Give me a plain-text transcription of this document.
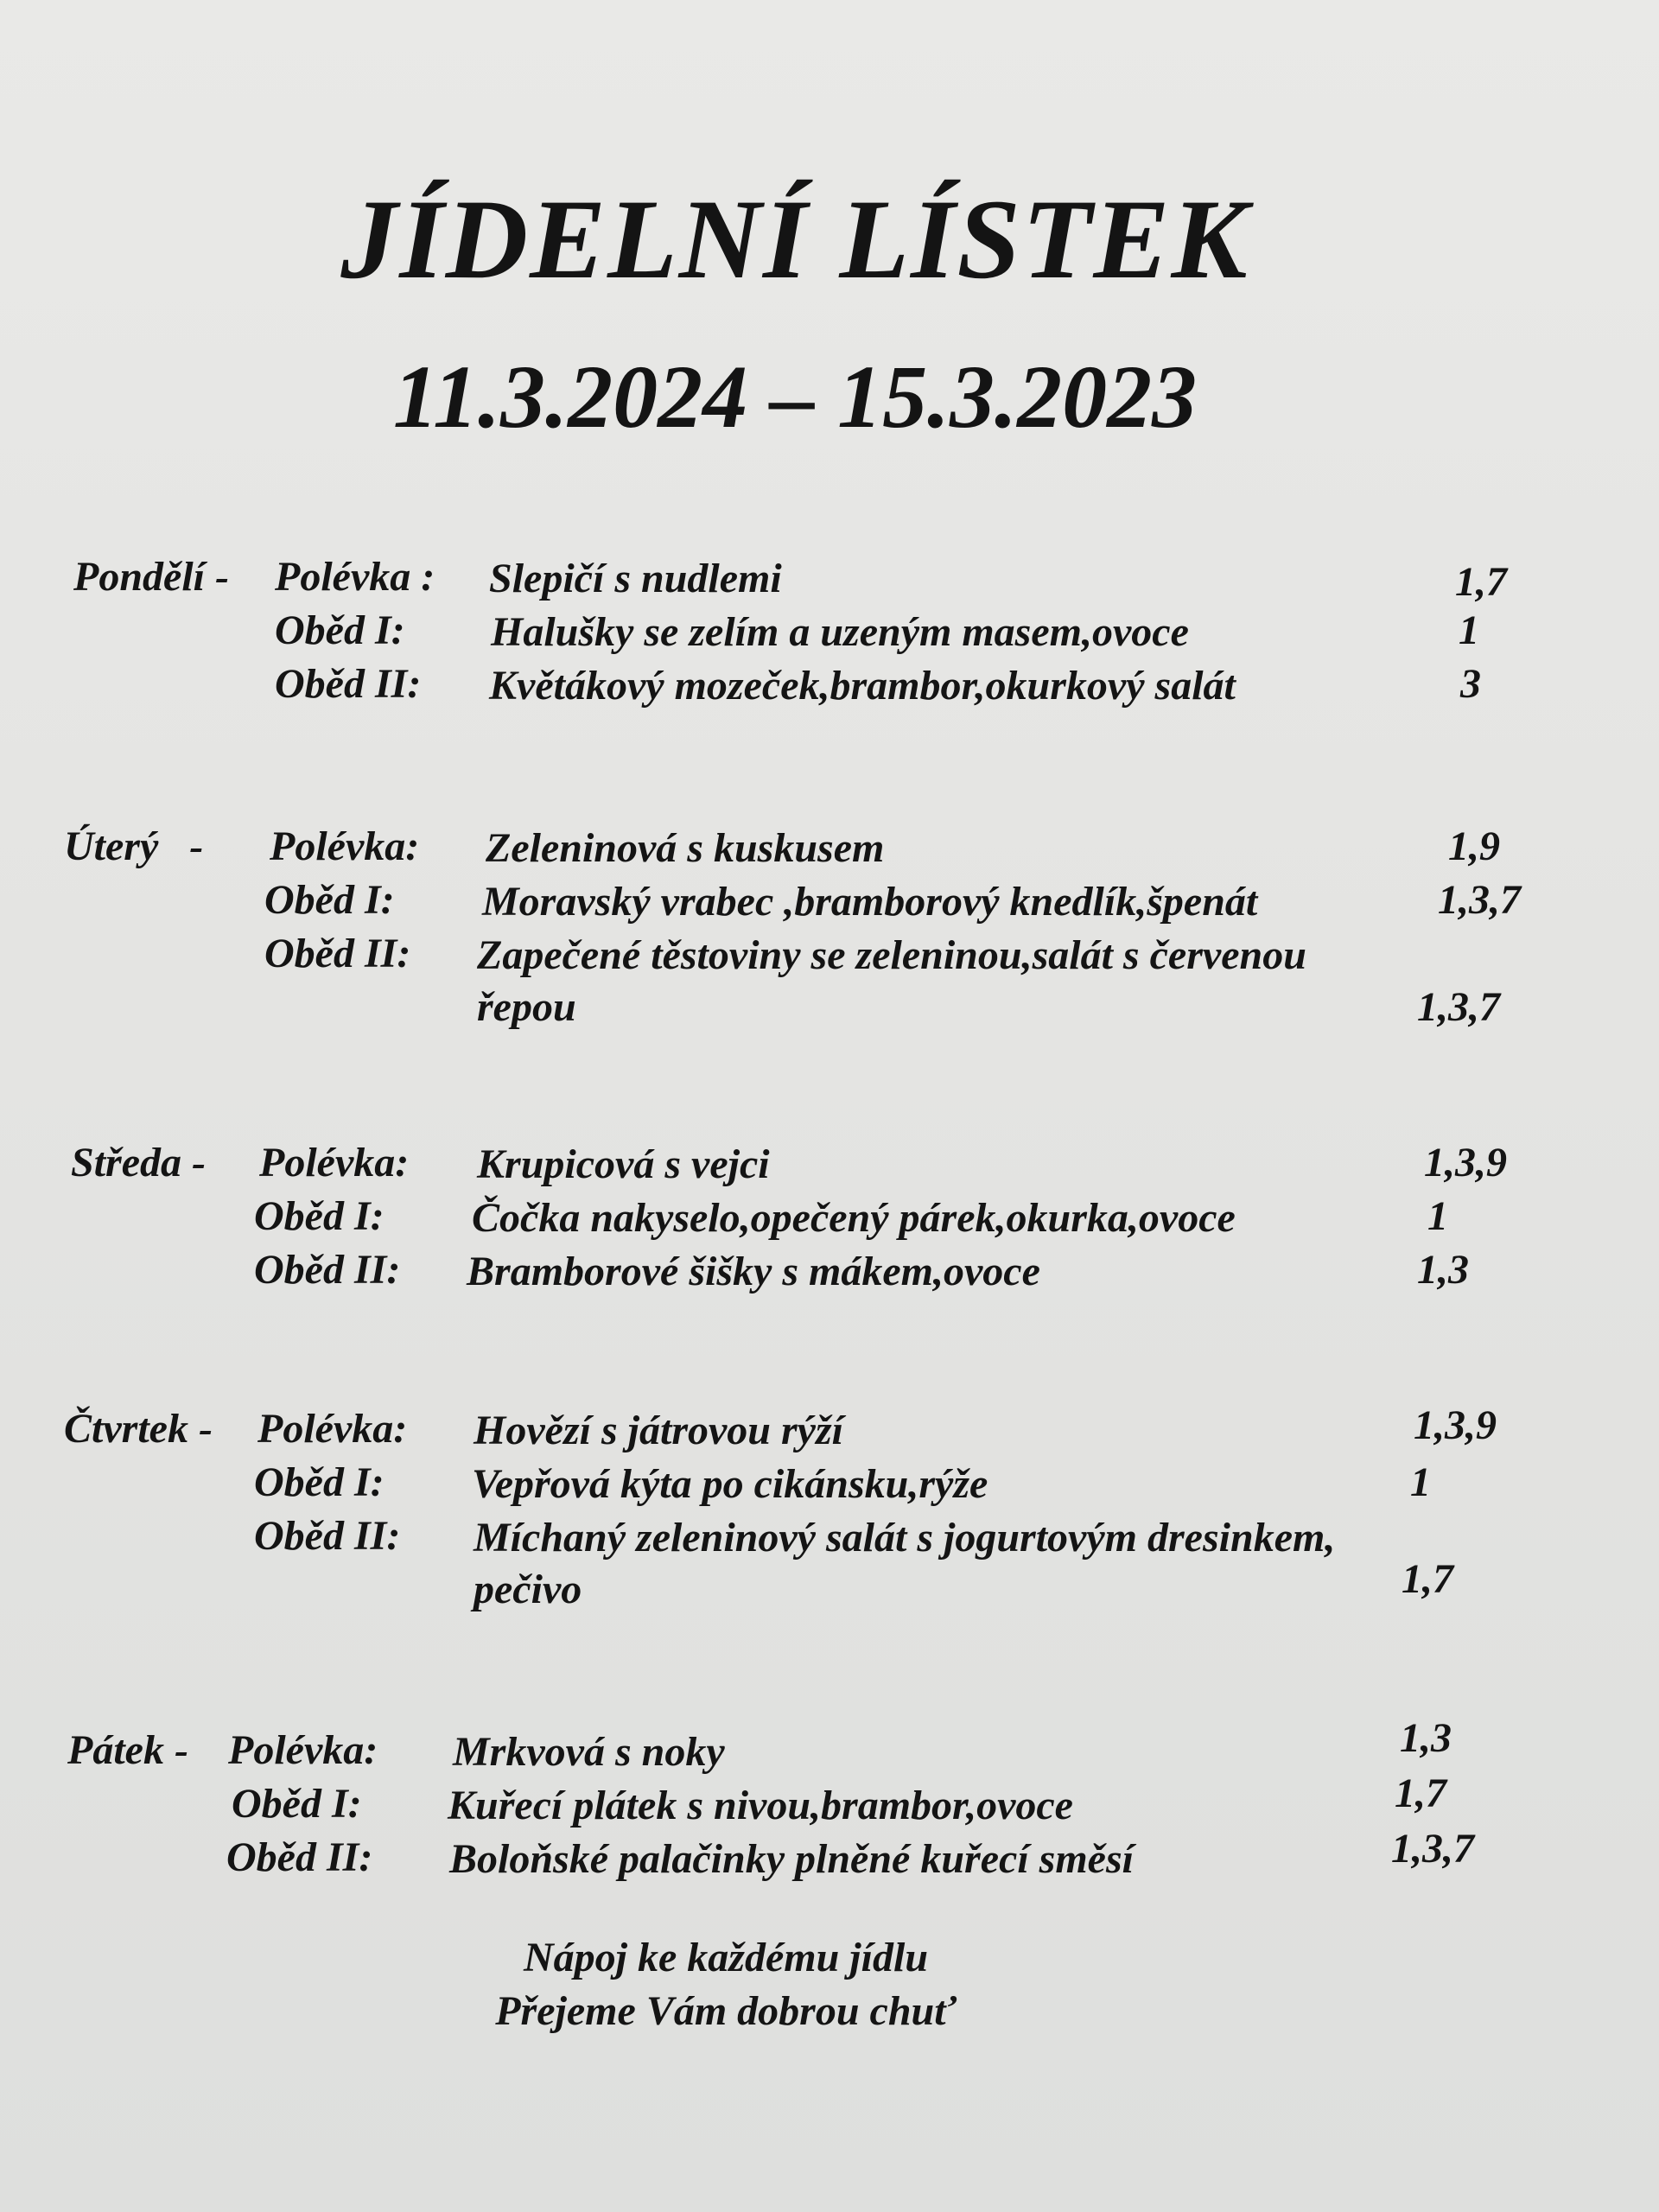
JÍDELNÍ LÍSTEK
11.3.2024 – 15.3.2023
Pondělí - Polévka : Slepičí s nudlemi	1,7
Oběd I: Halušky se zelím a uzeným masem,ovoce	1
Oběd II: Květákový mozeček,brambor,okurkový salát	3
Úterý   - Polévka: Zeleninová s kuskusem	1,9
Oběd I: Moravský vrabec ,bramborový knedlík,špenát	1,3,7
Oběd II: Zapečené těstoviny se zeleninou,salát s červenou řepou	1,3,7
Středa - Polévka: Krupicová s vejci	1,3,9
Oběd I: Čočka nakyselo,opečený párek,okurka,ovoce	1
Oběd II: Bramborové šišky s mákem,ovoce	1,3
Čtvrtek - Polévka: Hovězí s játrovou rýží	1,3,9
Oběd I: Vepřová kýta po cikánsku,rýže	1
Oběd II: Míchaný zeleninový salát s jogurtovým dresinkem, pečivo	1,7
Pátek - Polévka: Mrkvová s noky	1,3
Oběd I: Kuřecí plátek s nivou,brambor,ovoce	1,7
Oběd II: Boloňské palačinky plněné kuřecí směsí	1,3,7
Nápoj ke každému jídlu
Přejeme Vám dobrou chuť
